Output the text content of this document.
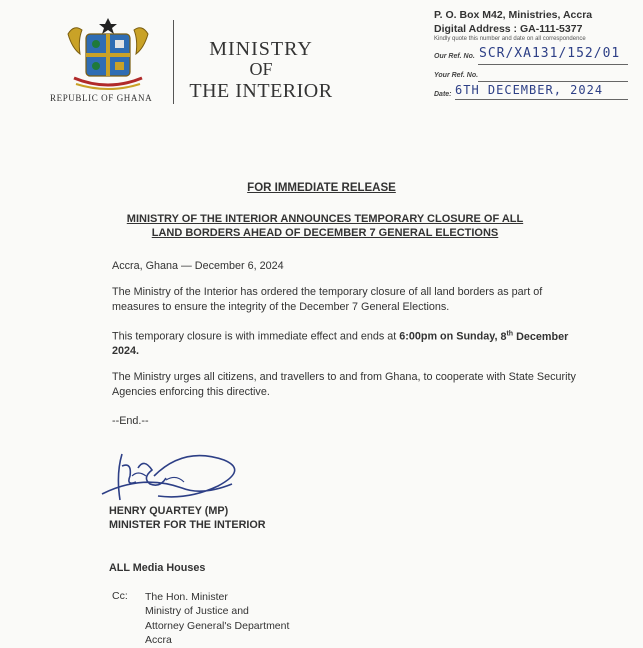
REPUBLIC OF GHANA
MINISTRY
OF
THE INTERIOR
P. O. Box M42, Ministries, Accra
Digital Address : GA-111-5377
Kindly quote this number and date on all correspondence
Our Ref. No. SCR/XA131/152/01
Your Ref. No.
Date: 6TH DECEMBER, 2024
FOR IMMEDIATE RELEASE
MINISTRY OF THE INTERIOR ANNOUNCES TEMPORARY CLOSURE OF ALL
LAND BORDERS AHEAD OF DECEMBER 7 GENERAL ELECTIONS
Accra, Ghana — December 6, 2024
The Ministry of the Interior has ordered the temporary closure of all land borders as part of measures to ensure the integrity of the December 7 General Elections.
This temporary closure is with immediate effect and ends at 6:00pm on Sunday, 8th December 2024.
The Ministry urges all citizens, and travellers to and from Ghana, to cooperate with State Security Agencies enforcing this directive.
--End.--
HENRY QUARTEY (MP)
MINISTER FOR THE INTERIOR
ALL Media Houses
Cc: The Hon. Minister
Ministry of Justice and
Attorney General's Department
Accra
